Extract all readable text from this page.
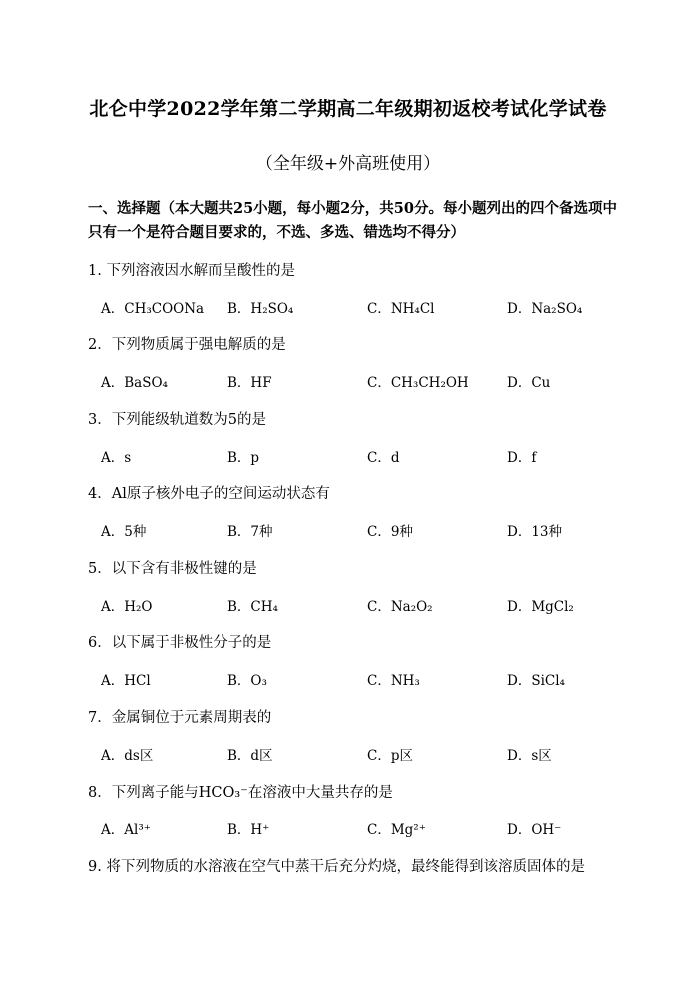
北仑中学2022学年第二学期高二年级期初返校考试化学试卷
（全年级+外高班使用）
一、选择题（本大题共25小题，每小题2分，共50分。每小题列出的四个备选项中
只有一个是符合题目要求的，不选、多选、错选均不得分）
1. 下列溶液因水解而呈酸性的是
A．CH₃COONa B．H₂SO₄	C．NH₄Cl	D．Na₂SO₄
2．下列物质属于强电解质的是
A．BaSO₄	B．HF	C．CH₃CH₂OH	D．Cu
3．下列能级轨道数为5的是
A．s	B．p	C．d	D．f
4．Al原子核外电子的空间运动状态有
A．5种	B．7种	C．9种	D．13种
5．以下含有非极性键的是
A．H₂O	B．CH₄	C．Na₂O₂	D．MgCl₂
6．以下属于非极性分子的是
A．HCl	B．O₃	C．NH₃	D．SiCl₄
7．金属铜位于元素周期表的
A．ds区	B．d区	C．p区	D．s区
8．下列离子能与HCO₃⁻在溶液中大量共存的是
A．Al³⁺	B．H⁺	C．Mg²⁺	D．OH⁻
9. 将下列物质的水溶液在空气中蒸干后充分灼烧，最终能得到该溶质固体的是
